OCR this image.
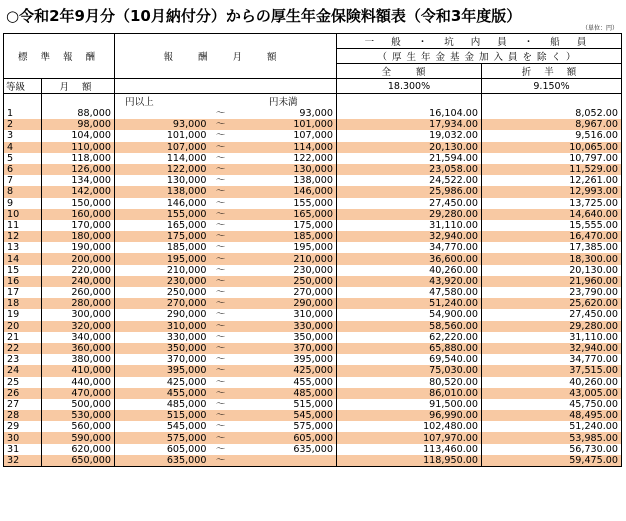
○令和2年9月分（10月納付分）からの厚生年金保険料額表（令和3年度版）
（単位：円）
標 準 報 酬		報 酬 月 額			一 般 ・ 坑 内 員 ・ 船 員	
					（厚生年金基金加入員を除く）	
					全 額	折 半 額
等級	月 額				18.300%	9.150%
		円以上		円未満		
1	88,000		～	93,000	16,104.00	8,052.00
2	98,000	93,000	～	101,000	17,934.00	8,967.00
3	104,000	101,000	～	107,000	19,032.00	9,516.00
4	110,000	107,000	～	114,000	20,130.00	10,065.00
5	118,000	114,000	～	122,000	21,594.00	10,797.00
6	126,000	122,000	～	130,000	23,058.00	11,529.00
7	134,000	130,000	～	138,000	24,522.00	12,261.00
8	142,000	138,000	～	146,000	25,986.00	12,993.00
9	150,000	146,000	～	155,000	27,450.00	13,725.00
10	160,000	155,000	～	165,000	29,280.00	14,640.00
11	170,000	165,000	～	175,000	31,110.00	15,555.00
12	180,000	175,000	～	185,000	32,940.00	16,470.00
13	190,000	185,000	～	195,000	34,770.00	17,385.00
14	200,000	195,000	～	210,000	36,600.00	18,300.00
15	220,000	210,000	～	230,000	40,260.00	20,130.00
16	240,000	230,000	～	250,000	43,920.00	21,960.00
17	260,000	250,000	～	270,000	47,580.00	23,790.00
18	280,000	270,000	～	290,000	51,240.00	25,620.00
19	300,000	290,000	～	310,000	54,900.00	27,450.00
20	320,000	310,000	～	330,000	58,560.00	29,280.00
21	340,000	330,000	～	350,000	62,220.00	31,110.00
22	360,000	350,000	～	370,000	65,880.00	32,940.00
23	380,000	370,000	～	395,000	69,540.00	34,770.00
24	410,000	395,000	～	425,000	75,030.00	37,515.00
25	440,000	425,000	～	455,000	80,520.00	40,260.00
26	470,000	455,000	～	485,000	86,010.00	43,005.00
27	500,000	485,000	～	515,000	91,500.00	45,750.00
28	530,000	515,000	～	545,000	96,990.00	48,495.00
29	560,000	545,000	～	575,000	102,480.00	51,240.00
30	590,000	575,000	～	605,000	107,970.00	53,985.00
31	620,000	605,000	～	635,000	113,460.00	56,730.00
32	650,000	635,000	～		118,950.00	59,475.00
